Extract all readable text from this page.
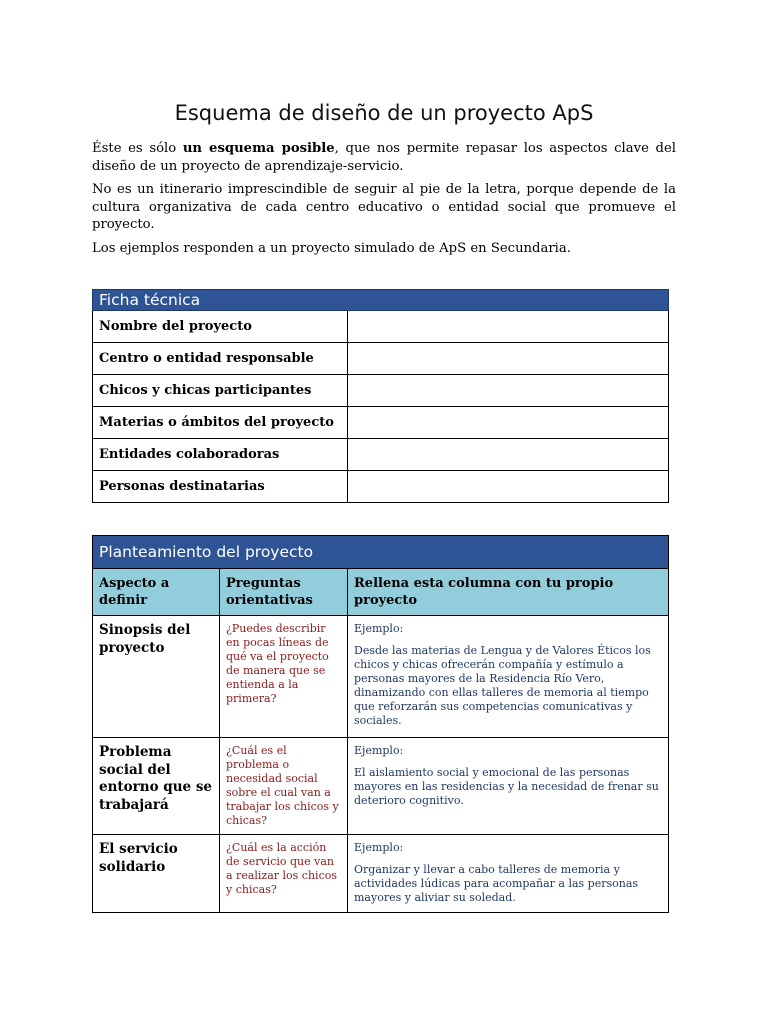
Esquema de diseño de un proyecto ApS

Éste es sólo un esquema posible, que nos permite repasar los aspectos clave del diseño de un proyecto de aprendizaje-servicio.

No es un itinerario imprescindible de seguir al pie de la letra, porque depende de la cultura organizativa de cada centro educativo o entidad social que promueve el proyecto.

Los ejemplos responden a un proyecto simulado de ApS en Secundaria.

Ficha técnica	
Nombre del proyecto	
Centro o entidad responsable	
Chicos y chicas participantes	
Materias o ámbitos del proyecto	
Entidades colaboradoras	
Personas destinatarias	
Planteamiento del proyecto		
Aspecto a definir	Preguntas orientativas	Rellena esta columna con tu propio proyecto
Sinopsis del proyecto	¿Puedes describir en pocas líneas de qué va el proyecto de manera que se entienda a la primera?	Ejemplo:
Desde las materias de Lengua y de Valores Éticos los chicos y chicas ofrecerán compañía y estímulo a personas mayores de la Residencia Río Vero, dinamizando con ellas talleres de memoria al tiempo que reforzarán sus competencias comunicativas y sociales.
Problema social del entorno que se trabajará	¿Cuál es el problema o necesidad social sobre el cual van a trabajar los chicos y chicas?	Ejemplo:
El aislamiento social y emocional de las personas mayores en las residencias y la necesidad de frenar su deterioro cognitivo.
El servicio solidario	¿Cuál es la acción de servicio que van a realizar los chicos y chicas?	Ejemplo:
Organizar y llevar a cabo talleres de memoria y actividades lúdicas para acompañar a las personas mayores y aliviar su soledad.
